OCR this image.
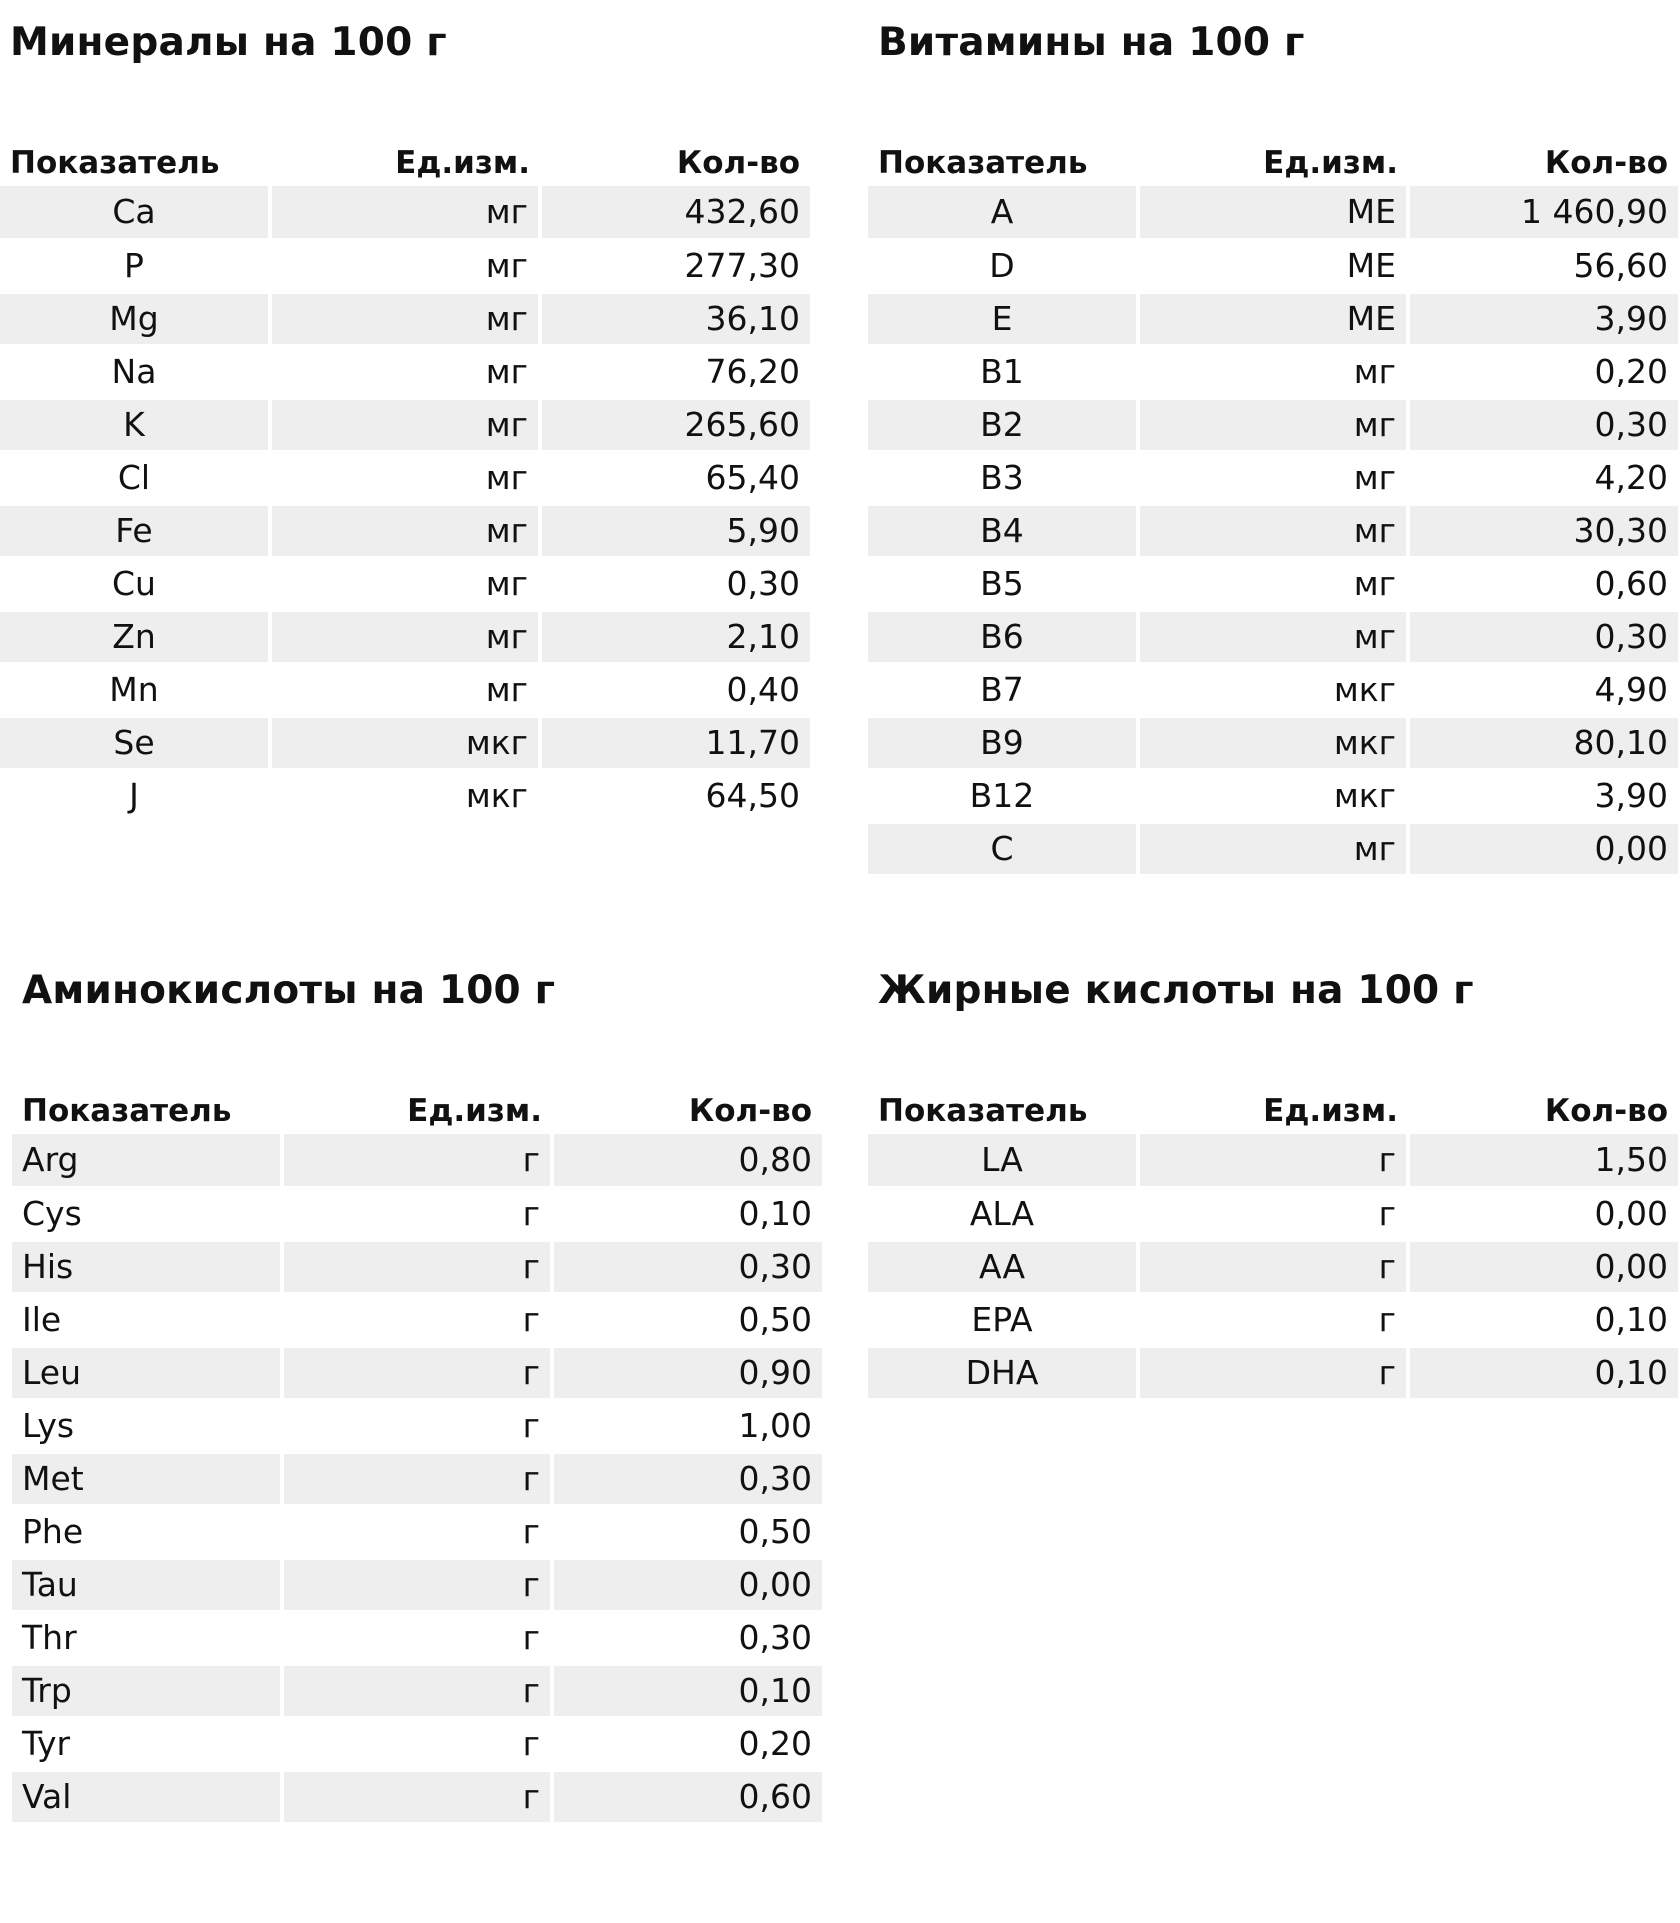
Минералы на 100 г
Показатель	Ед.изм.	Кол-во
Ca	мг	432,60
P	мг	277,30
Mg	мг	36,10
Na	мг	76,20
K	мг	265,60
Cl	мг	65,40
Fe	мг	5,90
Cu	мг	0,30
Zn	мг	2,10
Mn	мг	0,40
Se	мкг	11,70
J	мкг	64,50
Витамины на 100 г
Показатель	Ед.изм.	Кол-во
A	МЕ	1 460,90
D	МЕ	56,60
E	МЕ	3,90
B1	мг	0,20
B2	мг	0,30
B3	мг	4,20
B4	мг	30,30
B5	мг	0,60
B6	мг	0,30
B7	мкг	4,90
B9	мкг	80,10
B12	мкг	3,90
C	мг	0,00
Аминокислоты на 100 г
Показатель	Ед.изм.	Кол-во
Arg	г	0,80
Cys	г	0,10
His	г	0,30
Ile	г	0,50
Leu	г	0,90
Lys	г	1,00
Met	г	0,30
Phe	г	0,50
Tau	г	0,00
Thr	г	0,30
Trp	г	0,10
Tyr	г	0,20
Val	г	0,60
Жирные кислоты на 100 г
Показатель	Ед.изм.	Кол-во
LA	г	1,50
ALA	г	0,00
AA	г	0,00
EPA	г	0,10
DHA	г	0,10
